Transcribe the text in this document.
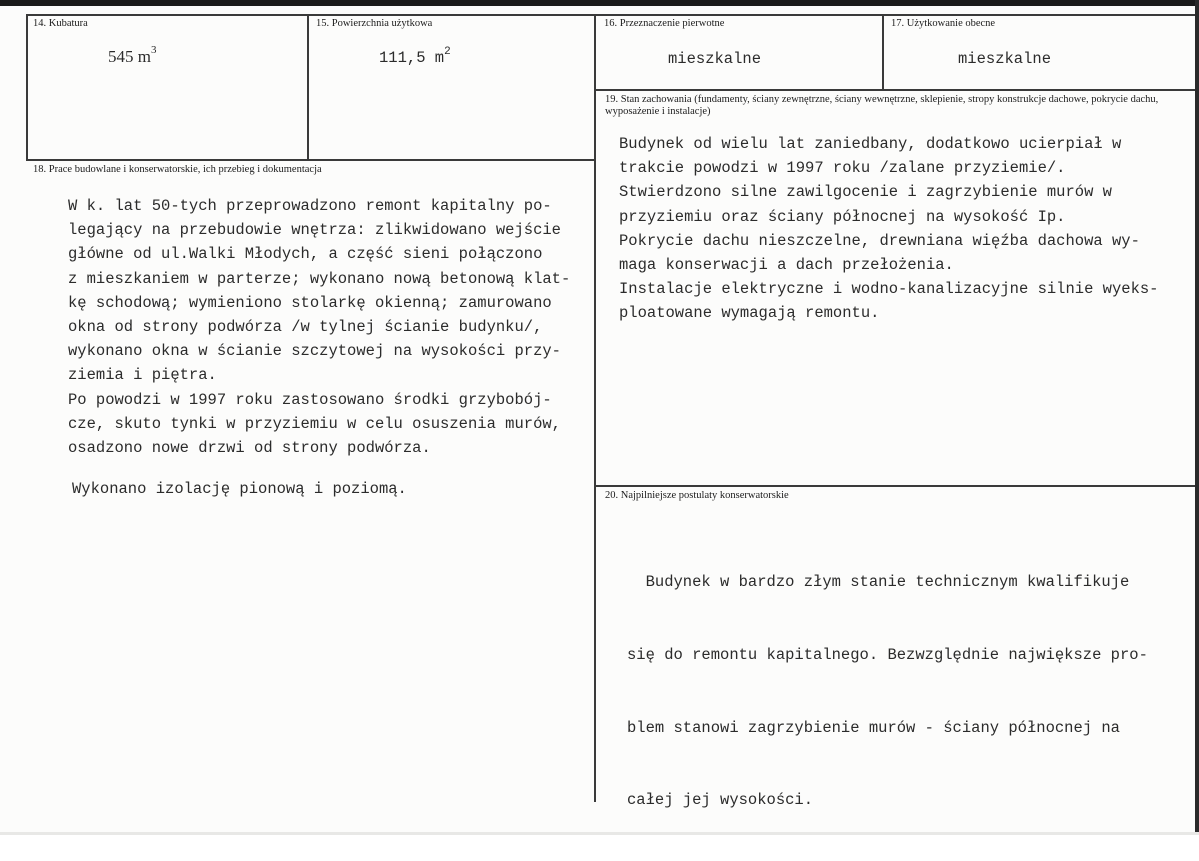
14. Kubatura
545 $m^3$
15. Powierzchnia użytkowa
111,5 $m^2$
16. Przeznaczenie pierwotne
mieszkalne
17. Użytkowanie obecne
mieszkalne
18. Prace budowlane i konserwatorskie, ich przebieg i dokumentacja
W k. lat 50-tych przeprowadzono remont kapitalny po-
legający na przebudowie wnętrza: zlikwidowano wejście
główne od ul.Walki Młodych, a część sieni połączono
z mieszkaniem w parterze; wykonano nową betonową klat-
kę schodową; wymieniono stolarkę okienną; zamurowano
okna od strony podwórza /w tylnej ścianie budynku/,
wykonano okna w ścianie szczytowej na wysokości przy-
ziemia i piętra.
Po powodzi w 1997 roku zastosowano środki grzybobój-
cze, skuto tynki w przyziemiu w celu osuszenia murów,
osadzono nowe drzwi od strony podwórza.
Wykonano izolację pionową i poziomą.
19. Stan zachowania (fundamenty, ściany zewnętrzne, ściany wewnętrzne, sklepienie, stropy konstrukcje dachowe, pokrycie dachu, wyposażenie i instalacje)
Budynek od wielu lat zaniedbany, dodatkowo ucierpiał w
trakcie powodzi w 1997 roku /zalane przyziemie/.
Stwierdzono silne zawilgocenie i zagrzybienie murów w
przyziemiu oraz ściany północnej na wysokość Ip.
Pokrycie dachu nieszczelne, drewniana więźba dachowa wy-
maga konserwacji a dach przełożenia.
Instalacje elektryczne i wodno-kanalizacyjne silnie wyeks-
ploatowane wymagają remontu.
20. Najpilniejsze postulaty konserwatorskie

Budynek w bardzo złym stanie technicznym kwalifikuje

się do remontu kapitalnego. Bezwzględnie największe pro-

blem stanowi zagrzybienie murów - ściany północnej na

całej jej wysokości.
